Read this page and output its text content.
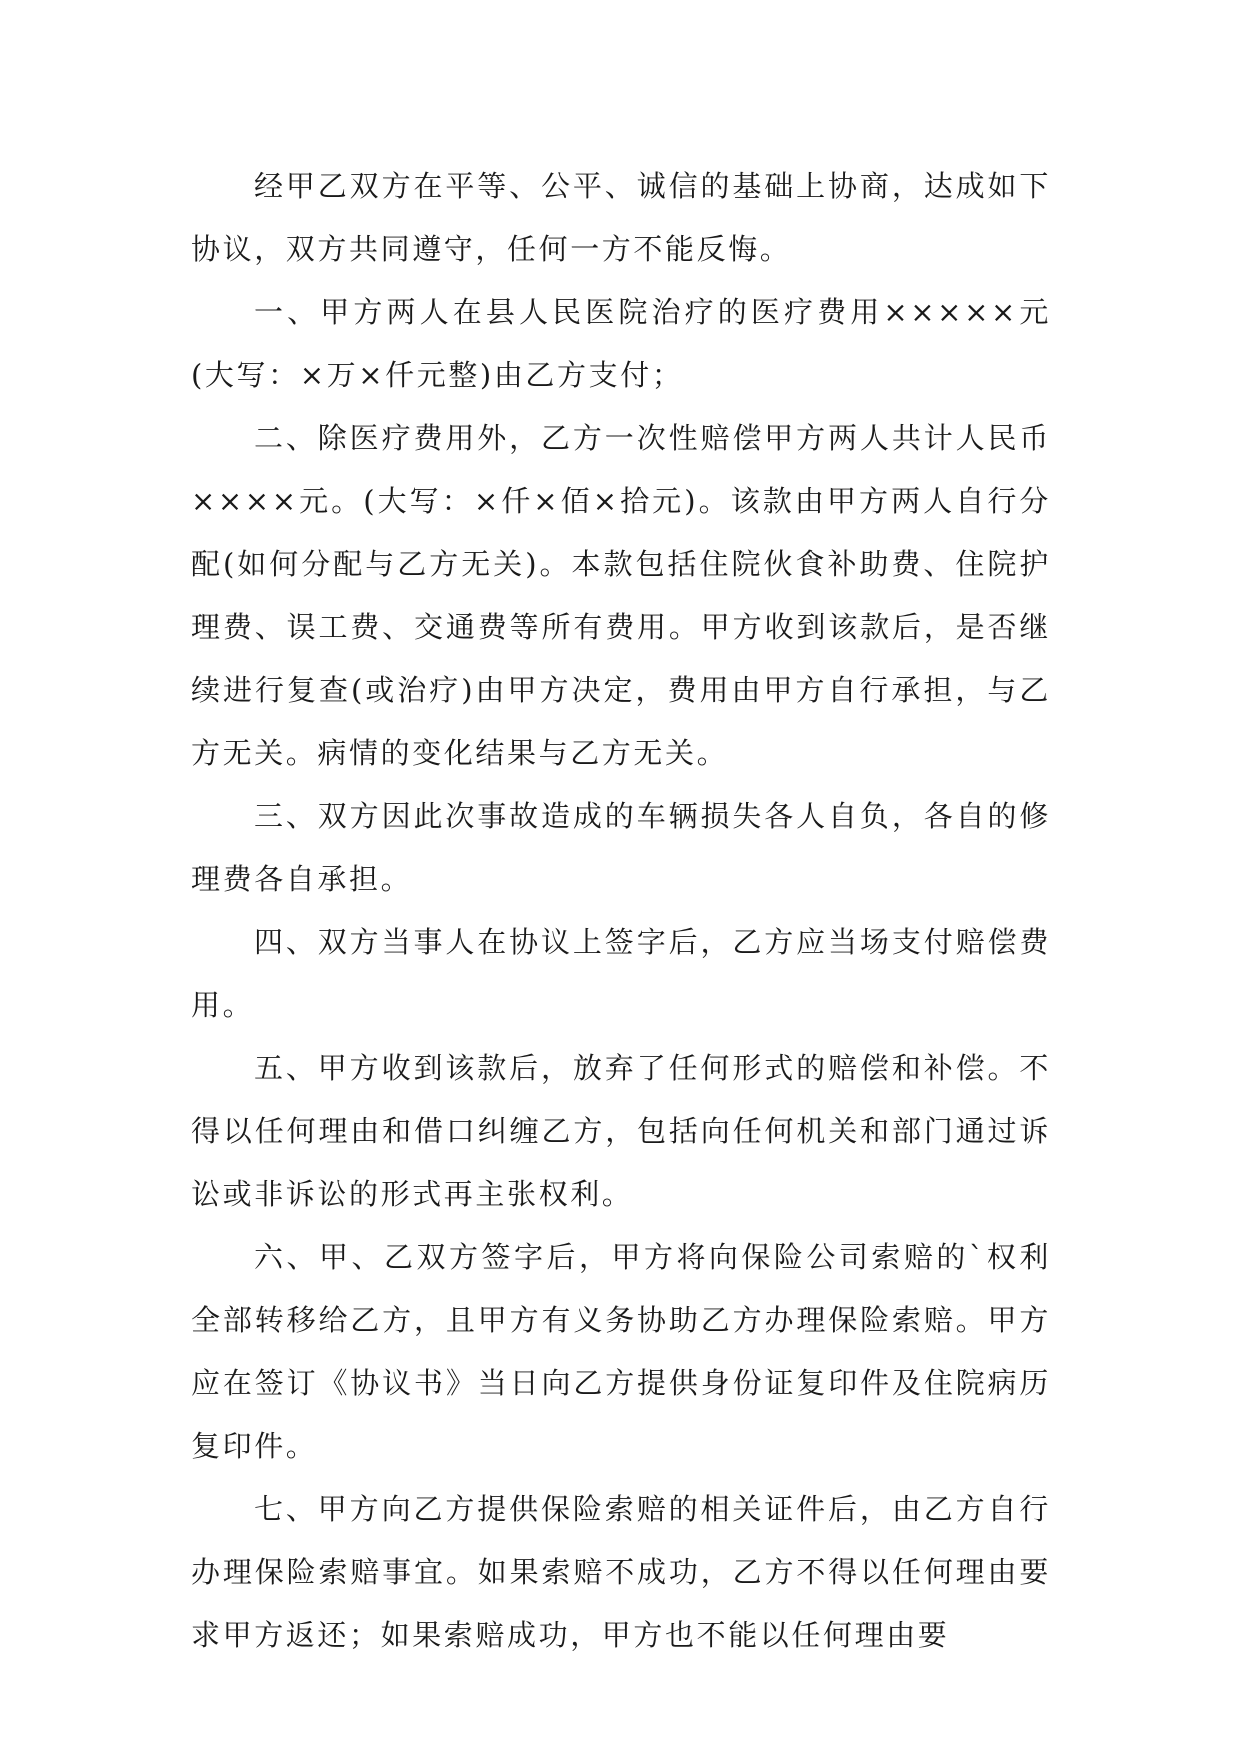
经甲乙双方在平等、公平、诚信的基础上协商，达成如下协议，双方共同遵守，任何一方不能反悔。

一、甲方两人在县人民医院治疗的医疗费用×××××元(大写：×万×仟元整)由乙方支付；

二、除医疗费用外，乙方一次性赔偿甲方两人共计人民币××××元。(大写：×仟×佰×拾元)。该款由甲方两人自行分配(如何分配与乙方无关)。本款包括住院伙食补助费、住院护理费、误工费、交通费等所有费用。甲方收到该款后，是否继续进行复查(或治疗)由甲方决定，费用由甲方自行承担，与乙方无关。病情的变化结果与乙方无关。

三、双方因此次事故造成的车辆损失各人自负，各自的修理费各自承担。

四、双方当事人在协议上签字后，乙方应当场支付赔偿费用。

五、甲方收到该款后，放弃了任何形式的赔偿和补偿。不得以任何理由和借口纠缠乙方，包括向任何机关和部门通过诉讼或非诉讼的形式再主张权利。

六、甲、乙双方签字后，甲方将向保险公司索赔的`权利全部转移给乙方，且甲方有义务协助乙方办理保险索赔。甲方应在签订《协议书》当日向乙方提供身份证复印件及住院病历复印件。

七、甲方向乙方提供保险索赔的相关证件后，由乙方自行办理保险索赔事宜。如果索赔不成功，乙方不得以任何理由要求甲方返还；如果索赔成功，甲方也不能以任何理由要
